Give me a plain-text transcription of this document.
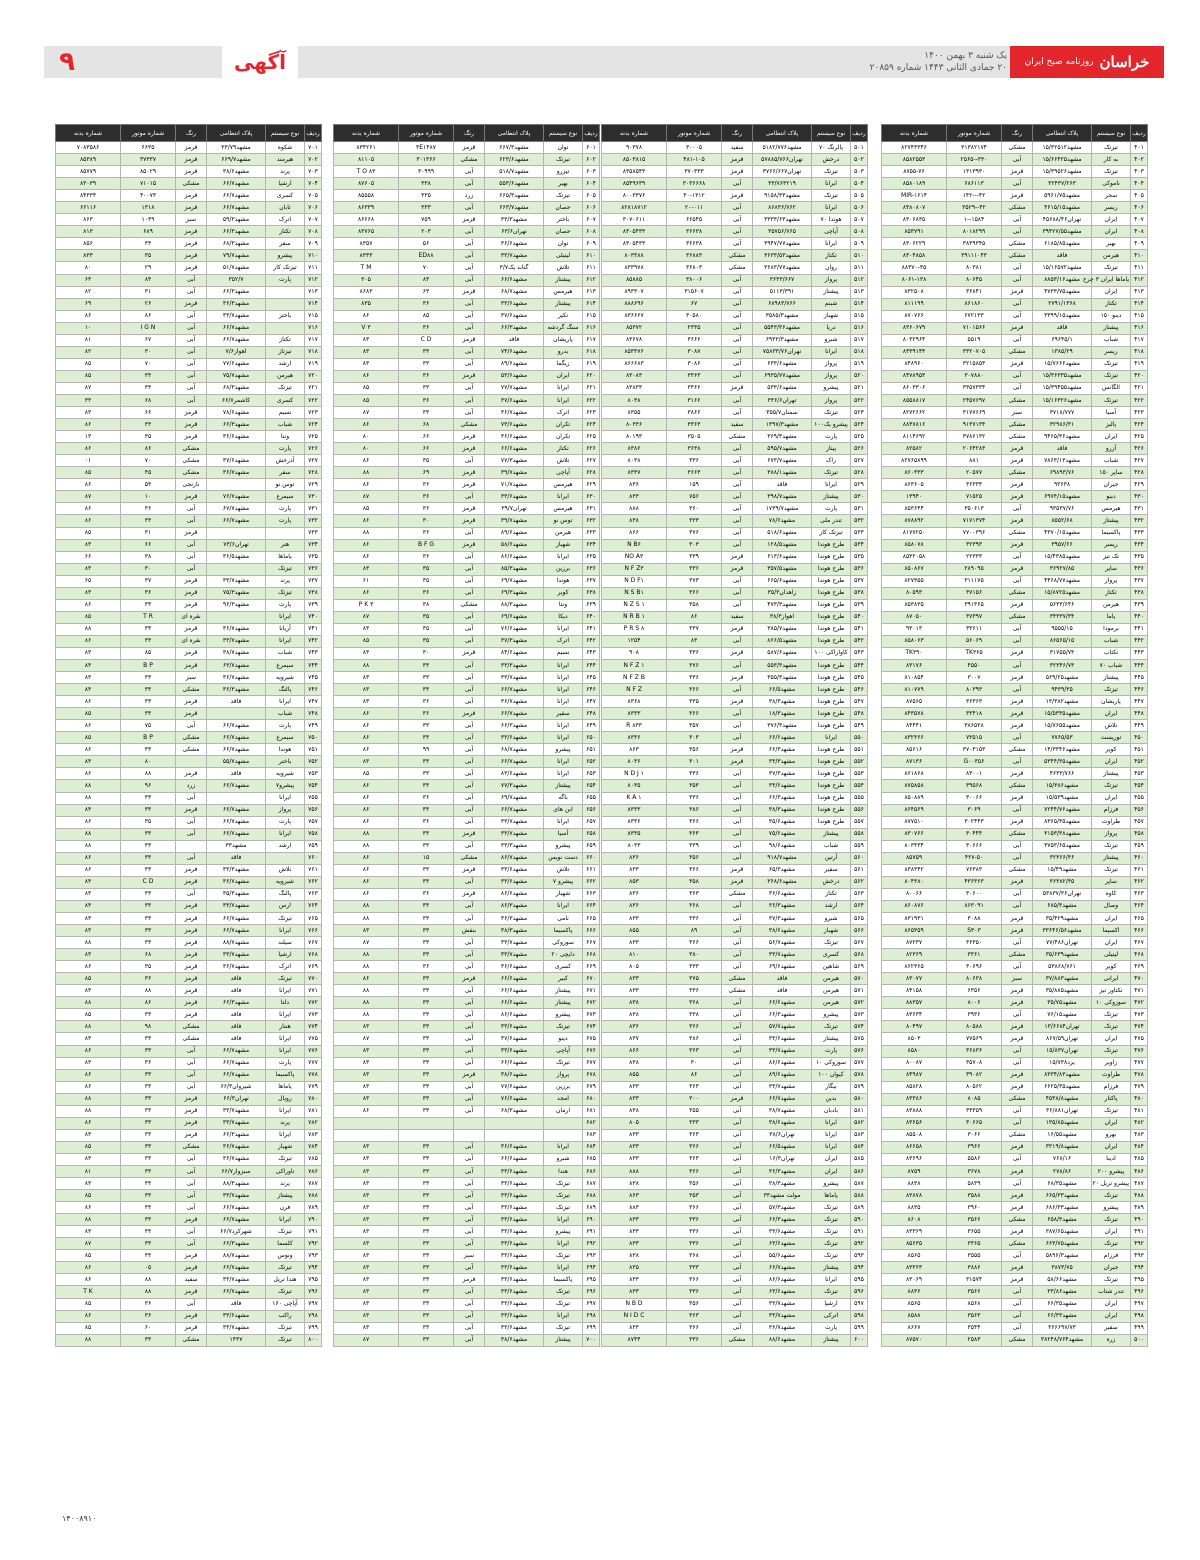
۹	آگهی	یک شنبه ۳ بهمن ۱۴۰۰
۲۰ جمادی الثانی ۱۴۴۳ شماره ۲۰۸۵۹	خراسان
روزنامه صبح ایران
ردیف	نوع سیستم	پلاک انتظامی	رنگ	شماره موتور	شماره بدنه
۴۰۱	تیزتک	مشهد۱۵/۳۲۵۱۲	مشکی	۳۱۳۸۲۱۷۴	۸۲۷۴۳۳۴۶
۴۰۲	به کار	مشهد۱۵/۶۶۴۲۵	آبی	۳۳۰--۲۵۶۵	۸۵۸۲۵۵۳
۴۰۳	تیزتک	مشهد۱۵/۳۹۵۲۶	قرمز	۱۳۱۳۹۳۰	۸۷۵۵-۷۶
۴۰۴	ناموکی	۳۲۴۳۷/۲۶۳	آبی	۶۸۶۱۱۳	۸۵۸۰۱۸۹
۴۰۵	سحر	مشهد۵۹۶۱/۷۵	قرمز	۴۲---۱۴۲	MIR-۱۶۱۴
۴۰۶	ریسر	مشهد۴۶۱۵/۱۵	مشکی	۴۲--۳۵۲۹	۸۴۸۰۸۰۷
۴۰۷	ایران	تهران۴۵۶۸۸/۴۶	آبی	۱۵۸۴--۱	۸۳۰۶۸۳۵
۴۰۸	ایران	مشهد۳۹۴۲۷/۵۵	آبی	۸۰۱۸۲۹۹	۸۵۳۷۹۱
۴۰۹	بهبر	مشهد۶۱۸۵/۸۵	مشکی	۳۸۳۹۳۴۵	۸۳۰۶۲۲۹
۴۱۰	هیرمن	فاقد	مشکی	۳۹۱۱۱۰۴۳	۸۳۰۴۸۵۸
۴۱۱	تیزتک	مشهد۱۵/۱۶۵۷۲	آبی	۸۰۳۸۱	۸۸۳۷۰-۳۵
۴۱۲	یاماها ایران ۳ چرخ	مشهد۸۸۵۳/۱۶	آبی	۸۰۶۴۵	۸۰۶۱-۱۳۸
۴۱۳	ایران	مشهد۴۷۳۳/۷۵	قرمز	۳۶۸۴۱	۸۳۲۵۰۸
۴۱۴	تکتاز	۲۷۹۱/۱۳۶۸	آبی	۸۶۱۸۶۰	۸۱۱۱۹۹
۴۱۵	دینو ۱۵۰	مشهد۳۳۹۹/۱۵	آبی	۶۷۲۱۳۳	۸۷۰۷۶۶
۴۱۶	پیشتاز	قاقد	قرمز	۷۱۰۱۵۶۶	۸۳۶۰۶۷۹
۴۱۷	شباب	۶۹۶۴۵/۱	آبی	۵۵۱۹	۸۰۳۲۹۶۴
۴۱۸	ریسر	۱۳۸۵/۲۹	مشکی	۳۳۲۰۷۰۵	۸۳۳۹۱۴۴
۴۱۹	تیزتک	مشهد۱۵/۷۶۶۶	قرمز	۳۲۱۵۸۵۳	۸۴۸۹۶۰
۴۲۰	تیزتک	مشهد۱۵/۳۶۳۳۵	آبی	۳۰۷۸۸۰	۸۴۷۸۹۵۳
۴۲۱	الگانس	مشهد۱۵/۳۹۴۵۵	آبی	۳۳۵۷۳۳۴	۸۶۰۳۳۰۶
۴۲۲	تیزتک	مشهد۱۵/۱۶۳۲۶	مشکی	۲۴۵۷۶۹۷	۸۵۵۸۸۱۷
۴۲۳	آسیا	۳۷۱۸/۷۷۷	سبز	۳۱۷۷۶۶۹	۸۲۷۲۶۶۲
۴۲۴	پالیز	۳۲۹۸۶/۳۱	مشکی	۹۱۳۷۱۳۴	۸۸۴۷۸۱۶
۴۲۵	ایران	مشهد۹۴۶۵/۳۶	مشکی	۳۷۸۶۱۳۲	۸۱۱۴۶۹۲
۴۲۶	آزرو	فاقد	قرمز	۲۰۶۴۲۸۳	۸۲۵۸۲
۴۲۷	شباب	مشهد۷۸۶۳/۱۳	قرمز	۸۸۱	۸۲۷۶۵۸۹۹
۴۲۸	ساپر ۱۵۰	۶۹۸۹۳/۷۶	مشکی	۲۰۵۷۷	۸۶۰۳۳۳
۴۲۹	جیران	۹۳۶۳۸	قرمز	۳۶۳۳۴	۸۶۳۶۰۵
۴۳۰	دینو	مشهد۶۹۷۴/۱۵	قرمز	۷۱۵۲۵	۱۳۹۴۰
۴۳۱	هیرمس	۹۳۵۳۷/۷۶	آبی	۳۵۰۶۱۳	۸۵۳۶۴۴
۴۳۲	پیشتاز	۸۵۵۲/۶۸	قرمز	۷۱۷۱۳۷۴	۸۷۸۸۹۲
۴۳۳	پاکسیما	مشهد۴۳۷۰/۱۵	مشکی	۷۷۰۰۳۹۶	۸۱۷۷۲۵۰
۴۳۴	ریسر	۳۹۵۷/۶۶	قرمز	۳۲۳۹۳	۸۵۸۰۷۸
۴۳۵	تک تیز	مشهد۱۵/۴۳۸۵	آبی	۲۲۳۳۳	۸۵۳۲۰۵۸
۴۳۶	ساپر	۳۶۹۲۷/۸۵	قرمز	۲۸۹۰۹۵	۸۵۰۸۶۷
۴۳۷	پرواز	مشهد۴۴۶۸/۷۷	آبی	۳۱۱۱۷۵	۸۲۷۳۵۵
۴۳۸	تکتاز	مشهد۱۵/۸۷۲۵	مشکی	۳۷۱۵۶	۸۰۵۹۳
۴۳۹	هیرمن	۵۶۳۳/۶۴۶	قرمز	۳۹۱۳۶۵	۸۵۳۸۳۵
۴۴۰	یاما	۳۴۳۳۷/۳۴	مشکی	۳۷۳۹۷	۸۷۰۵۰
۴۴۱	برمودا	۹۵۵۵/۱۵	آبی	۳۳۶۱۱	۹۳۰۱۳
۴۴۲	شباب	۸۶۵۶۵/۱۵	آبی	۵۶۰۶۹	۸۵۸۰۶۳
۴۴۳	تکتاب	۳۱۷۵۵/۷۳	قرمز	TK۳۶۵	TK۳۹۰
۴۴۴	شباب ۷۰	۳۲۳۴۶/۷۳	آبی	۴۵۵۰	۸۳۱۷۶
۴۴۵	پیشتاز	مشهد۵۶۹/۲۵	قرمز	۳۰۰۷	۸۱۰۸۵۴
۴۴۶	تیزتک	۹۴۳۹/۳۵	آبی	۸۰۳۹۳	۸۱۰۷۷۹
۴۴۷	پاریشان	مشهد۱۳/۳۸۲	قرمز	۳۶۳۶۳	۸۷۵۶۵
۴۴۸	ایران	مشهد۱۵/۵۳۳۵	قرمز	۳۳۴۱۸	۸۴۳۵۷۸
۴۴۹	تلاش	مشهد۱۵/۷۶۵۵	قرمز	۳۸۶۵۲۸	۸۴۴۴۱
۴۵۰	توریست	۷۷۶۵/۵۳	آبی	۷۳۵۱۵	۸۳۲۳۶۶
۴۵۱	کویر	مشهد۱۴/۳۳۴۶	مشکی	۳۷۰۳۱۵۳	۸۵۶۱۶
۴۵۲	ایران	مشهد۵۳۴۴/۳۵	آبی	G۰۰۳۵۶	۸۷۱۳۶
۴۵۳	پیشتاز	۴۶۳۳/۷۶۶	قرمز	۸۳۰۰۱	۸۶۱۸۶۸
۴۵۴	تیزتک	مشهد۱۵/۳۸۶	مشکی	۳۹۵۶۸	۸۷۵۸۵۸
۴۵۵	ایران	مشهد۱۵/۵۳۹	قرمز	۳۰۰۶۶	۸۵۰۸۸۹
۴۵۶	فرزام	مشهد۷۲۴۴/۷۶	آبی	۳۰۶۹	۸۶۴۵۶۹
۴۵۷	طراوت	مشهد۸۳۶۵/۳۵	قرمز	۳۰۲۴۴۳	۸۷۷۵۱۰
۴۵۸	پرواز	مشهد۳۱۵۳/۳۸	مشکی	۳۰۴۴۴	۸۳۰۷۶۶
۴۵۹	تیزتک	مشهد۳۷۵۳/۶۵	آبی	۳۰۶۶۶	۸۰۳۴۳۴
۴۶۰	پیشتاز	۳۲۳۶۶/۳۶	آبی	۴۲۷-۵۰	۸۵۷۵۹
۴۶۱	تیزتک	مشهد۱۵/۴۹	مشکی	۷۶۳۸۳	۸۳۸۳۴۲
۴۶۲	ساپر	۳۶۳۸۲/۳۵	قرمز	۴۳۶۳۶۳	۸۰۴۳۸۰
۴۶۳	کاوه	تهران۵۳۸۳۷/۳۶	آبی	۳۰۶۰۰	۸۰۰۶۶
۴۶۴	وصال	مشهد۶۸۵/۳	آبی	۸۶۳۰۹۱	۸۶۰۸۷۶
۴۶۵	ایران	مشهد۳۵/۴۲۹	قرمز	۳۰۸۸	۸۳۱۹۳۱
۴۶۶	اکسیما	مشهد۳۳۶۴۶/۵۶	قرمز	S۳۰۳	۸۶۵۳۵۹
۴۶۷	ایران	تهران۷۷/۴۸۶	آبی	۳۶۳۵۰	۸۷۲۳۷
۴۶۸	لیتیلی	مشهد۳۵/۶۳۹	مشکی	۳۳۶۱	۸۲۳۶۹
۴۶۹	کویر	۵۳۸۶۸/۷۶۱	آبی	۳۰۶۹۶	۸۶۲۳۶۵
۴۷۰	ایرانی	مشهد۳۷/۸۸۳	سبز	۸۰۶۳۸	۸۳۰۷۷
۴۷۱	تکتاور تیز	مشهد۳۵/۸۸۵	قرمز	۶۳۵۶	۸۴۱۵۸
۴۷۲	سوزوکی ۱۰	مشهد۳۵/۷۵	قرمز	۸۰۰۶	۸۸۳۵۷
۴۷۳	تیزتک	مشهد۷۶/۱۵	آبی	۳۹۳۶	۸۳۶۳۴
۴۷۴	تیزتک	تهران۱۳/۶۶۸۴	قرمز	۸۰۵۸۸	۸۰۴۹۷
۴۷۵	ایران	تهران۸۶۷/۵۹	قرمز	۷۷۵۶۹	۸۵۰۳
۴۷۶	تیزتک	تهران۱۵/۸۳۷	آبی	۳۶۸۳۶	۸۵۸۰
۴۷۷	زاویر	یزد۱۵/۷۳۸	آبی	۳۵۷۰۸	۸۰۰۸۷
۴۷۸	طراوت	مشهد۸۳۳۴/۸۳	قرمز	۳۹۰۸۲	۸۴۹۸۷
۴۷۹	فرزام	مشهد۶۶۲۵/۳۵	قرمز	۸۰۵۶۲	۸۵۸۲۸
۴۸۰	پاکتار	مشهد۴۵۳۸/۸	مشکی	۸۰۸۵	۸۳۳۸۶
۴۸۱	تیزتک	تهران۳۶/۸۸۱	آبی	۳۳۳۵۹	۸۳۸۸۸
۴۸۲	ایران	مشهد۱۳۵/۸۵	آبی	۳۰۶۶۵	۸۳۶۵۶
۴۸۳	بهرو	مشهد۱۶/۵۵	مشکی	۳۰۶۶	۸۵۵۰۸
۴۸۴	ایران	مشهد۳۳۱۹/۸	قرمز	۳۹۶۶	۸۶۶۵۸
۴۸۵	ادینا	۷۶۸/۱۶	آبی	۵۵۸۶	۸۳۶۹۶
۴۸۶	پیشرو ۲۰۰	۲۷۸/۸۶	قرمز	۳۶۷۸	۸۷۵۹
۴۸۷	پیشرو تریل ۲۰	مشهد۶۸/۳۵	آبی	۵۸۳۹	۸۸۳۸
۴۸۸	تیزتک	مشهد۶۶۵/۳۳	قرمز	۳۵۸۸	۸۳۸۷۸
۴۸۹	پیشرو	مشهد۶۸۶/۳۳	قرمز	۳۹۶۰	۸۸۳۵
۴۹۰	تیزتک	مشهد۶۵۸/۳	مشکی	۳۵۶۶	۸۶۰۸
۴۹۱	ایران	مشهد۳۸۷/۶۵	قرمز	۳۶۵۵	۸۳۳۶۹
۴۹۲	تیزتک	مشهد۶۶۳/۷۵	مشکی	۳۳۶۵	۸۵۶۳۵
۴۹۳	فرزام	مشهد۵۸۹۶/۳	آبی	۳۵۵۵	۸۵۶۵
۴۹۴	جیران	۳۸۷۳/۷۵	قرمز	۳۸۸۶	۸۳۳۶۳
۴۹۵	تیزتک	مشهد۵۸/۶۶	قرمز	۳۱۵۷۴	۸۳۰۶۹
۴۹۶	تندر شتاب	مشهد۳۳/۸۶	آبی	۳۵۶۶	۸۸۳۶
۴۹۷	ایران	مشهد۶۶/۳۵	آبی	۸۵۶۸	۸۵۶۵
۴۹۸	ایران	مشهد۶۶/۳۳	آبی	۳۵۶۳	۸۵۸۸
۴۹۹	سفیر	۳۶۶۶۹۷/۷۳	آبی	۳۵۴۴	۸۶۶۷
۵۰۰	زره	مشهد۳۸۲۴۸/۷۶۴	مشکی	۲۵۸۳	۸۷۵۷۰
ردیف	نوع سیستم	پلاک انتظامی	رنگ	شماره موتور	شماره بدنه
۵۰۱	پالرنگ ۷۰	مشهد۵۱۸۲/۷۷۶	سفید	۳۰۰۰۵	۹۰۳۷۸
۵۰۲	درخش	تهران۵۷۸۸۵/۷۶۶	قرمز	۴۸۱-۱۰۵	۸۵۰۳۸۱۵
۵۰۳	تیزتک	تهران۳۷۶۶/۶۶۷	قرمز	۳۷۰۳۳۳	۸۳۵۸۵۴۳
۵۰۴	ایرانا	۳۳/۷۶۳۲۱۹	آبی	۳۰۳۶۶۶۸	۸۵۴۹۶۳۹
۵۰۵	تیزتک	مشهد۹۱۵۸/۳۳	قرمز	۳۰-۱۳۱۲	۸۰۰۳۳۷۶
۵۰۶	ایرانا	۸۶۸۳۶/۷۶۲	آبی	۲۰-۰۱۱	۸۲۸۱۸۷۱۲
۵۰۷	هوندا ۷۰	مشهد۳۳۳۳/۶۳	آبی	۶۶۵۴۵	۳۰۷۰۶۱۱
۵۰۸	آپاچی	۳۵۷۵۶/۷۶۵	آبی	۳۶۶۳۸	۸۳۰۵۴۳۳
۵۰۹	ایرانا	مشهد۳۹۴۷/۷۷	آبی	۳۶۶۳۸	۸۳۰۵۴۳۳
۵۱۰	تکتاز	مشهد۳۶۳۳/۵۳	مشکی	۳۶۸۸۳	۸۰۳۳۸۸
۵۱۱	روان	مشهد۳۶۸۳/۷۷	مشکی	۳۶۸۰۳	۸۳۳۹۷۸
۵۱۲	پرواز	۳۶۳۳/۶۶۷	آبی	۳۸۰۰۶	۸۵۸۸۵
۵۱۳	پیشتاز	۵۱۱۳/۳۹۱	آبی	۳۱۵۶۰۷	۸۹۳۳۰۷
۵۱۴	شبنم	۶۸۹۸۳/۷۶۶	آبی	۶۷	۸۸۸۶۹۶
۵۱۵	شهباز	مشهد۳۵۸۵/۳	آبی	۳۰۵۸۰	۸۳۶۶۶۷
۵۱۶	دریا	مشهد۵۵۴۳/۳۶	آبی	۲۳۳۵	۸۵۳۷۲
۵۱۷	شبرو	مشهد۶۹۳۳/۳	آبی	۳۶۶۶	۸۳۶۷۸
۵۱۸	ایرانا	تهران۷۵۸۳۳/۷۶	آبی	۳۰۸۷	۸۵۳۳۷۶
۵۱۹	پرواز	مشهد۶۳۳/۶	آبی	۳۰۸۶	۸۶۶۶۸۳
۵۲۰	پرواز	مشهد۶۹۳۵/۷۷	آبی	۳۳۶۳	۸۳۰۸۳
۵۲۱	پیشرو	مشهد۵۳۳/۶	قرمز	۳۳۶۶	۸۳۸۳۳
۵۲۲	پرواز	تهران۳۳۶/۶	آبی	۳۱۶۶	۸۰۳۸
۵۲۳	تیزتک	سمنان۳۵۵/۷	آبی	۳۸۶۶	۸۳۵۵
۵۲۴	پیشرو یک۱۰۰	مشهد۱۳۹۷/۳	سفید	۳۳۶۳	۸۰۳۳۶
۵۲۵	پارت	مشهد۳۶۹/۳	مشکی	۳۵۰۵	۸۰۱۹۳
۵۲۶	پیتار	مشهد۵۹۵/۷	آبی	۳۶۳۸	۸۳۸۶
۵۲۷	راک	مشهد۶۷۳/۷	آبی	۳۳۶	۸۰۳۸
۵۲۸	تیزتک	مشهد۳۸۸/۱	آبی	۳۶۶۳	۸۳۳۷
۵۲۹	ایرانا	فاقد	آبی	۱۵۹	۸۳۶
۵۳۰	پیشتاز	مشهد۳۹۸/۷	آبی	۷۵۶	۸۳۳
۵۳۱	پارت	مشهد۱۷۳۹/۷	آبی	۳۶۰	۸۸۸
۵۳۲	تندر ملی	مشهد۷۸/۶	آبی	۳۳۳	۸۳۸
۵۳۳	تیزتک کار	مشهد۵۱۸/۶	آبی	۳۷۶	۸۶۶
۵۳۴	طرح هوندا	مشهد۱۲۸/۵	آبی	۳۰۳	N B۶
۵۳۵	طرح هوندا	مشهد۶۱۳/۶	قرمز	۳۳۹	NO A۳
۵۳۶	طرح هوندا	مشهد۳۵۷/۵	قرمز	۳۳۶	N F Z۳
۵۳۷	طرح هوندا	مشهد۶۶۵/۶	آبی	۳۷۳	N D F۱
۵۳۸	طرح هوندا	زاهدان۳۵/۳	آبی	۳۶۶	N S B۱
۵۳۹	طرح هوندا	مشهد۴۷۳/۳	آبی	۳۵۸	N Z S ۱
۵۴۰	طرح هوندا	اهواز۳۸/۳	سفید	۸۶	N R B ۱
۵۴۱	طرح هوندا	مشهد۳۸۵/۷	قرمز	۳۳۷	P R S ۸
۵۴۲	طرح هوندا	مشهد۸۶۶/۵	آبی	۸۳	۱۲۵۴
۵۴۳	کاوازاکی ۱۰۰	مشهد۵۸۷/۶	قرمز	۳۳۶	۹۰۸
۵۴۴	طرح هوندا	مشهد۵۵۳/۳	آبی	۳۷۶	N F Z ۱
۵۴۵	طرح هوندا	مشهد۳۵۵/۳	قرمز	۳۳۶	N F Z B
۵۴۶	طرح هوندا	مشهد۶۶/۵	آبی	۳۶۶	N F Z
۵۴۷	طرح هوندا	مشهد۳۸/۳	قرمز	۳۳۵	۸۳۶۸
۵۴۸	طرح هوندا	مشهد۱۸/۳	آبی	۳۶۶	۸۳۳۳
۵۴۹	طرح هوندا	مشهد۳۷۶/۳	آبی	۳۵۷	R ۸۳۳
۵۵۰	ایرانا	مشهد۶۶/۶	آبی	۳۰۳	۸۳۳۶
۵۵۱	طرح هوندا	مشهد۶۶/۳	قرمز	۳۵۶	۸۶۳
۵۵۲	طرح هوندا	مشهد۳۳/۳	قرمز	۳۰۱	۸۰۳۶
۵۵۳	طرح هوندا	مشهد۳۷/۳	آبی	۳۳۶	N D J ۱
۵۵۴	طرح هوندا	مشهد۳۳/۶	آبی	۳۵۳	۸۰۳۵
۵۵۵	طرح هوندا	مشهد۶۶/۳	آبی	۳۳۶	K A ۱
۵۵۶	طرح هوندا	مشهد۳۸/۳	آبی	۳۸۶	۸۳۳۳
۵۵۷	طرح هوندا	مشهد۳۵/۶	آبی	۳۶۶	۸۳۳۶
۵۵۸	پیشتاز	مشهد۷۵/۶	آبی	۳۶۳	۸۳۳۵
۵۵۹	شباب	مشهد۹۸/۶	آبی	۳۳۹	۸۰۳۳
۵۶۰	آرتین	مشهد۹۱۸/۷	آبی	۳۵۶	۸۳۶
۵۶۱	سفیر	مشهد۶۵/۳	قرمز	۳۶۶	۸۳۳
۵۶۲	درخش	مشهد۳۶۸/۶	قرمز	۳۵۸	۸۵۳
۵۶۳	تکتاز	مشهد۳۶/۶	مشکی	۳۶۳	۸۳۶
۵۶۴	ارشد	مشهد۳۶/۳	آبی	۳۶۸	۸۳۶
۵۶۵	شبرو	مشهد۳۷/۳	آبی	۳۳۶	۸۳۳
۵۶۶	شهباز	مشهد۳۸/۶	آبی	۸۹	۸۵۵
۵۶۷	تیزتک	مشهد۵۶/۷	آبی	۳۶۶	۸۳۳
۵۶۸	کسری	مشهد۳۳/۷	آبی	۳۸۰	۸۱۰
۵۶۹	شاهین	مشهد۶۹/۶	آبی	۳۳۳	۸۰۵
۵۷۰	هیرمن	فاقد	مشکی	۳۷۵	۸۳۳
۵۷۱	هیرمن	فاقد	مشکی	۳۳۶	۸۳۳
۵۷۲	هیرمن	مشهد۶۶/۶	آبی	۳۶۸	۸۳۸
۵۷۳	پیشرو	مشهد۶۶/۳	آبی	۳۳۸	۸۳۸
۵۷۴	تیزتک	مشهد۵۷/۷	آبی	۳۶۶	۸۳۶
۵۷۵	پیشتاز	مشهد۳۳/۶	آبی	۳۸۶	۸۳۷
۵۷۶	پارت	مشهد۳۳/۷	آبی	۳۶۳	۸۶۶
۵۷۷	سوزوکی ۱۰	مشهد۸۶/۶	آبی	۳۰	۸۳۸
۵۷۸	کیوان ۱۰۰	مشهد۸۹/۶	آبی	۸۶	۸۵۵
۵۷۹	بیگار	مشهد۳۳/۷	آبی	۳۶۳	۸۳۳
۵۸۰	بدین	مشهد۶۶/۷	قرمز	۳۰۰	۸۳۳
۵۸۱	بادبان	مشهد۳۸/۷	آبی	۳۵۵	۸۳۸
۵۸۲	ایرانا	مشهد۳۸/۶	آبی	۳۳۳	۸۰۵
۵۸۳	ایرانا	تهران۳۸/۶	آبی	۳۶۳	۸۳۳
۵۸۴	ایرانا	مشهد۶۶/۵	آبی	۳۶۶	۸۳۳
۵۸۵	ایران	تهران۱۶/۳	آبی	۳۶۳	۸۳۳
۵۸۶	ایران	مشهد۳۶/۳	آبی	۳۶۶	۸۸۸
۵۸۷	پیشرو	مشهد۳۸/۳	آبی	۳۵۶	۸۳۸
۵۸۸	پاماها	مولت مشهد۳۳	آبی	۳۵۳	۸۶۳
۵۸۹	تیزتک	مشهد۵۷/۳	آبی	۳۶۶	۸۸۳
۵۹۰	تیزتک	مشهد۶۶/۳	آبی	۳۳۶	۸۳۳
۵۹۱	تیزتک	مشهد۳۳/۶	آبی	۳۳۶	۸۳۳
۵۹۲	تیزتک	مشهد۶۳/۶	آبی	۳۳۶	۸۳۳
۵۹۳	تیزتک	مشهد۵۵/۶	آبی	۳۶۸	۸۳۸
۵۹۴	پیشتاز	مشهد۶۶/۷	آبی	۳۳۳	۸۳۵
۵۹۵	ایرانا	مشهد۸۶/۶	آبی	۳۶۶	۸۳۳
۵۹۶	تیزتک	مشهد۶۳/۶	آبی	۳۳۶	۸۳۳
۵۹۷	ارشیا	مشهد۳۳/۷	آبی	۳۵۶	N B D
۵۹۸	اترکی	مشهد۳۳/۷	آبی	۳۶۳	N I D C
۵۹۹	پارت	مشهد۳۶/۷	آبی	۳۶۶	۸۳۳
۶۰۰	پیشتاز	مشهد۸۸/۶	مشکی	۳۳۶	۸۷۴۴
ردیف	نوع سیستم	پلاک انتظامی	رنگ	شماره موتور	شماره بدنه
۶۰۱	توان	مشهد۶۶۷/۳	قرمز	۴E۱۴۸۷	۸۳۴۲۶۱
۶۰۲	تیزتک	مشهد۶۲۳/۶	مشکی	۳۰۱۳۶۶	۸۱۱۰۵
۶۰۳	تیزرو	مشهد۵۱۸/۷	آبی	۳۰۹۹۹	T O ۸۳
۶۰۴	بهبر	مشهد۵۵۳/۶	آبی	۳۳۸	۸۷۶۰۵
۶۰۵	تیزتک	مشهد۶۶۵/۳	زرد	۳۳۵	۸۵۵۵۸
۶۰۶	حصان	مشهد۶۶۳/۷	آبی	۳۳۳	۸۶۳۳۹
۶۰۷	باختر	مشهد۳۳/۳	قرمز	۷۵۹	۸۶۶۶۸
۶۰۸	حصان	تهران۶۳/۶	آبی	۲۰۳	۸۳۷۶۵
۶۰۹	توان	مشهد۳۶/۶	آبی	۵۶	۸۳۵۷
۶۱۰	لیتیلی	مشهد۳۳/۷	آبی	ED۸۸	۸۳۳۳
۶۱۱	تلاش	گنابد یک۳/۷	آبی	۷۰	T M
۶۱۲	پیشتاز	مشهد۶۶/۶	آبی	۸۳	۳۰۵
۶۱۳	هیرمس	مشهد۶۸/۷	قرمز	۶۳	۸۶۸۳
۶۱۴	پیشتاز	مشهد۳۳/۶	آبی	۳۶	۸۳۵
۶۱۵	تکیر	مشهد۳۷/۶	آبی	۸۵	۸۶
۶۱۶	سنگ گردشه	مشهد۶۶/۳	آبی	۳۶	V ۳
۶۱۷	پاریشان	فاقد	قرمز	C D	۸۳
۶۱۸	بدرو	مشهد۷۴/۶	آبی	۳۳	۸۳
۶۱۹	زیگما	مشهد۸۹/۶	آبی	۳۳	۸۳
۶۲۰	ایران	مشهد۵۳/۶	قرمز	۳۶	۸۶
۶۲۱	ایرانا	مشهد۷۷/۷	آبی	۳۳	۸۵
۶۲۲	ایرانا	مشهد۳۷/۶	آبی	۳۶	۸۵
۶۲۳	اترک	مشهد۳۶/۷	آبی	۳۳	۸۷
۶۲۴	تکران	مشهد۷۳/۶	مشکی	۶۸	۸۶
۶۲۵	تکران	مشهد۳۶/۶	قرمز	۶۶	۸۰
۶۲۶	تکتاز	مشهد۶۶/۶	قرمز	۶۶	۸۰
۶۲۷	تلاش	مشهد۷۷/۳	آبی	۳۵	۸۶
۶۲۸	آپاچی	مشهد۳۹/۷	قرمز	۶۹	۸۸
۶۲۹	هیرمس	مشهد۷۱/۷	قرمز	۳۶	۸۶
۶۳۰	ایرانا	مشهد۳۳/۶	آبی	۳۶	۸۷
۶۳۱	هیرمس	تهران۳۹/۷	قرمز	۳۶	۸۵
۶۳۲	توس نو	مشهد۳۹/۷	قرمز	۳۰	۸۶
۶۳۳	هیرمن	مشهد۸۹/۶	آبی	۳۶	۸۸
۶۳۴	شهباز	مشهد۵۸/۶	قرمز	B F G	۸۶
۶۳۵	ایرانا	مشهد۸۶/۶	آبی	۳۶	۸۶
۶۳۶	برزین	مشهد۸۵/۳	آبی	۳۵	۸۳
۶۳۷	هوندا	مشهد۶۹/۷	آبی	۳۵	۶۱
۶۳۸	کویر	مشهد۶۹/۳	آبی	۳۶	۸۶
۶۳۹	ونتا	مشهد۸۸/۳	مشکی	۳۸	P K ۳
۶۴۰	دیکا	مشهد۶۹/۶	آبی	۳۵	۸۷
۶۴۱	ایرانا	مشهد۷۶/۶	آبی	۳۵	۸۳
۶۴۲	اترک	مشهد۳۷/۳	آبی	۳۵	۸۵
۶۴۳	نسیم	مشهد۸۴/۶	قرمز	۳۰	۸۳
۶۴۴	ایرانا	مشهد۳۳/۳	آبی	۳۳	۸۸
۶۴۵	ایرانا	مشهد۳۳/۷	آبی	۳۳	۸۳
۶۴۶	ایرانا	مشهد۶۶/۷	آبی	۳۳	۸۳
۶۴۷	ایرانا	مشهد۳۶/۷	آبی	۳۶	۸۳
۶۴۸	سفیر	مشهد۶۶/۷	قرمز	۳۶	۸۶
۶۴۹	ایرانا	مشهد۶۶/۳	آبی	۳۳	۸۶
۶۵۰	ایرانا	مشهد۳۳/۶	آبی	۳۳	۸۶
۶۵۱	پیشرو	مشهد۶۸/۷	آبی	۹۹	۸۶
۶۵۲	ایرانا	مشهد۶۶/۷	آبی	۳۳	۸۳
۶۵۳	ایرانا	مشهد۸۳/۶	آبی	۳۳	۸۵
۶۵۴	پیشتاز	مشهد۷۷/۳	آبی	۳۳	۸۶
۶۵۵	باگه	مشهد۶۹/۷	آبی	۳۶	۸۶
۶۵۶	ابن های	مشهد۶۶/۷	آبی	۳۳	۸۶
۶۵۷	ایرانا	مشهد۳۳/۷	آبی	۳۶	۸۶
۶۵۸	آسیا	مشهد۳۳/۷	قرمز	۳۳	۸۸
۶۵۹	پیشرو	مشهد۳۳/۳	آبی	۳۳	۸۸
۶۶۰	دست نویس	مشهد۸۶/۷	مشکی	۱۵	۸۶
۶۶۱	تلاش	مشهد۳۳/۶	قرمز	۳۳	۸۶
۶۶۲	پیشرو ۷	مشهد۳۳/۶	آبی	۳۳	۸۶
۶۶۳	شهباز	مشهد۸۶/۶	قرمز	۳۶	۸۶
۶۶۴	ایرانا	مشهد۸۶/۳	آبی	۳۳	۸۸
۶۶۵	نامی	مشهد۳۶/۳	آبی	۳۳	۸۸
۶۶۶	پاکسیما	مشهد۳۸/۳	بنفش	۳۳	۸۳
۶۶۷	سوزوکی	مشهد۳۳/۷	آبی	۳۳	۸۷
۶۶۸	دایچی ۲۰	مشهد۳۳/۷	آبی	۳۳	۸۸
۶۶۹	کسری	مشهد۳۶/۶	آبی	۳۶	۸۸
۶۷۰	کبیر	مشهد۶۶/۶	قرمز	۳۳	۸۶
۶۷۱	پیشتاز	مشهد۶۶/۶	آبی	۳۳	۸۸
۶۷۲	پیشتاز	مشهد۶۶/۶	آبی	۳۳	۸۸
۶۷۳	پیشرو	مشهد۸۶/۶	آبی	۳۳	۸۸
۶۷۴	تیزتک	مشهد۳۳/۶	آبی	۳۳	۸۳
۶۷۵	دینو	مشهد۳۷/۶	آبی	۳۳	۸۷
۶۷۶	آپاچی	مشهد۳۳/۶	آبی	۳۳	۸۳
۶۷۷	تیزتک	مشهد۶۶/۶	آبی	۳۳	۸۳
۶۷۸	پرواز	مشهد۳۸/۶	قرمز	۳۳	۸۳
۶۷۹	برزین	مشهد۷۷/۶	آبی	۳۳	۸۳
۶۸۰	امجد	مشهد۷۶/۶	آبی	۳۳	۸۳
۶۸۱	ارمان	مشهد۶۸/۳	آبی	۳۳	۸۶
۶۸۲					
۶۸۳					
۶۸۴	ایرانا	مشهد۳۶/۶	آبی	۳۳	۸۳
۶۸۵	شبرو	مشهد۶۶/۶	آبی	۳۳	۸۳
۶۸۶	هندا	مشهد۳۳/۶	آبی	۳۳	۸۳
۶۸۷	تیزتک	مشهد۳۳/۶	آبی	۳۳	۸۳
۶۸۸	تیزتک	مشهد۳۳/۶	آبی	۳۳	۸۳
۶۸۹	تیزتک	مشهد۳۳/۶	آبی	۳۳	۸۳
۶۹۰	ایرانا	مشهد۳۳/۶	آبی	۳۳	۸۳
۶۹۱	پیشرو	مشهد۳۳/۶	آبی	۳۳	۸۳
۶۹۲	ایرانا	مشهد۳۳/۶	آبی	۳۳	۸۳
۶۹۳	تیزتک	مشهد۳۳/۶	سبز	۳۳	۸۳
۶۹۴	ایرانا	مشهد۳۳/۶	آبی	۳۳	۸۳
۶۹۵	پاکسیما	مشهد۳۳/۶	قرمز	۳۳	۸۳
۶۹۶	تیزتک	مشهد۳۳/۶	آبی	۳۳	۸۳
۶۹۷	تیزتک	مشهد۳۳/۶	آبی	۳۳	۸۳
۶۹۸	ایرانا	مشهد۳۳/۶	آبی	۳۳	۸۳
۶۹۹	تیزتک	مشهد۳۳/۶	آبی	۳۳	۸۳
۷۰۰	پیشتاز	مشهد۳۸/۶	آبی	۳۳	۸۷
ردیف	نوع سیستم	پلاک انتظامی	رنگ	شماره موتور	شماره بدنه
۷۰۱	شکوه	مشهد۳۳/۷۹	قرمز	۶۶۳۵	۷۰۸۳۵۸۶
۷۰۲	هیرمند	مشهد۶۶۹/۷	قرمز	۳۷۳۳۷	۸۵۳۸۹
۷۰۳	پرند	مشهد۳۸/۶	قرمز	۸۵۰۲۹	۸۵۷۷۹
۷۰۴	ارشیا	مشهد۶۶/۷	مشکی	۷۱۰۱۵	۸۳۰۳۹
۷۰۵	کسری	مشهد۶۶/۷	قرمز	۴۰۰۷۳	۸۴۳۳۴
۷۰۶	تابان	مشهد۶۶/۷	قرمز	۱۳۱۸	۶۶۱۱۶
۷۰۷	اترک	مشهد۵۹/۳	سبز	۱۰۳۹	۸۶۳
۷۰۸	تکتاز	مشهد۶۶/۳	قرمز	۶۸۹	۸۱۳
۷۰۹	سفر	مشهد۶۸/۳	قرمز	۳۳	۸۵۶
۷۱۰	پیشرو	مشهد۷۹/۷	قرمز	۳۵	۸۳۳
۷۱۱	تیزتک کار	مشهد۵۱/۷	قرمز	۲۹	۸۰
۷۱۲	پارت	۳۵۲/۷	آبی	۸۴	۶۳
۷۱۳		مشهد۶۶/۳	آبی	۳۱	۸۲
۷۱۴		مشهد۳۶/۳	قرمز	۲۶	۶۹
۷۱۵	باختر	مشهد۳۳/۷	آبی	۸۶	۸۶
۷۱۶		مشهد۶۶/۷	آبی	I G N	۱۰
۷۱۷	تکتاز	مشهد۶۶/۷	آبی	۶۷	۸۱
۷۱۸	تیزتاز	اهواز۷/۶	آبی	۳۰	۸۲
۷۱۹	ارشد	مشهد۷۷/۶	آبی	۷۰	۸۵
۷۲۰	هیرمن	مشهد۷۵/۷	آبی	۳۳	۸۵
۷۲۱	تیزتک	مشهد۶۸/۳	آبی	۳۳	۸۷
۷۲۲	کسری	کاشمر۶۶/۷	آبی	۶۸	۳۳
۷۲۳	نسیم	مشهد۷۸/۶	قرمز	۶۶	۸۳
۷۲۴	شباب	مشهد۶۶/۳	قرمز	۳۳	۸۶
۷۲۵	ونتا	مشهد۳۶/۶	قرمز	۳۵	۱۳
۷۲۶	پارت		مشکی	۸۶	۸۶
۷۲۷	آذرخش	مشهد۳۷/۶	مشکی	۷۰	۰۱
۷۲۸	سفر	مشهد۳۶/۷	مشکی	۴۵	۸۵
۷۲۹	توس نو		نارنجی	۵۳	۸۶
۷۳۰	سیمرغ	مشهد۷۶/۷	قرمز	۱۰	۸۷
۷۳۱	پارت	مشهد۶۷/۷	آبی	۳۶	۸۶
۷۳۲	پارت	مشهد۶۶/۷	آبی	۳۳	۸۶
۷۳۳			قرمز	۳۱	۸۵
۷۳۴	هنر	تهران۷۳/۶	آبی	۶۶	۸۳
۷۳۵	یاماها	مشهد۳۶/۵	آبی	۳۸	۶۶
۷۳۶	تیزتک		آبی	۳۰	۸۳
۷۳۷	پرند	مشهد۳۳/۷	قرمز	۳۷	۶۵
۷۳۸	تیزتک	مشهد۷۵/۳	قرمز	۳۶	۸۳
۷۳۹	پارت	مشهد۹۶/۳	قرمز	۳۳	۸۶
۷۴۰	ایرانا		نقره ای	T R	۸۵
۷۴۱	آریانا	مشهد۳۶/۷	قرمز	۳۳	۸۸
۷۴۲	ایرانا	مشهد۳۳/۷	نقره ای	۳۳	۸۶
۷۴۳	شباب	مشهد۳۸/۷	قرمز	۸۵	۸۳
۷۴۴	سیمرغ	مشهد۶۳/۷	قرمز	B P	۸۳
۷۴۵	شیرویه	مشهد۳۶/۷	سبز	۳۳	۸۳
۷۴۶	پالنگ	مشهد۳۶/۳	مشکی	۳۳	۸۳
۷۴۷	ایرانا	فاقد	قرمز	۳۳	۸۶
۷۴۸	شباب		قرمز	۳۳	۸۵
۷۴۹	پارت	مشهد۶۶/۷	آبی	۷۵	۸۶
۷۵۰	سیمرغ	مشهد۶۶/۷	مشکی	B P	۸۵
۷۵۱	هوندا	مشهد۶۶/۷	مشکی	۳۳	۸۶
۷۵۲	باختر	مشهد۵۵/۷		۸۰	۸۳
۷۵۳	شیرویه	فاقد	قرمز	۸۸	۸۶
۷۵۴	پیشرو۷	مشهد۶۶/۷	زرد	۹۶	۸۸
۷۵۵	ایرانا		آبی	۳۳	۸۸
۷۵۶	پرواز	مشهد۶۶/۷	قرمز	۳۳	۸۳
۷۵۷	پارت	مشهد۶۶/۷	آبی	۳۵	۸۶
۷۵۸	ایرانا	مشهد۶۶/۷	آبی	۳۳	۸۸
۷۵۹	ارشد	مشهد۳۳		۳۳	۸۸
۷۶۰		فاقد	آبی	۳۳	۸۶
۷۶۱	تلاش	مشهد۳۳/۳	قرمز	۳۳	۸۶
۷۶۲	شیرویه	مشهد۳۶/۷	قرمز	C D	۸۳
۷۶۳	پالنگ	مشهد۳۵/۳	آبی	۳۳	۸۳
۷۶۴	ارس	مشهد۳۳/۷	قرمز	۳۳	۸۳
۷۶۵	تیزتک	مشهد۶۶/۷	قرمز	۳۳	۸۳
۷۶۶	ایرانا	مشهد۶۶/۷	قرمز	۳۳	۸۳
۷۶۷	سیلند	مشهد۸۸/۷	قرمز	۳۳	۸۸
۷۶۸	ارشیا	مشهد۳۳/۷	قرمز	۶۸	۸۳
۷۶۹	اترک	مشهد۳۶/۷	قرمز	۳۵	۸۶
۷۷۰	تیزتک	فاقد	قرمز	۳۶	۸۵
۷۷۱	ایرانا	فاقد	قرمز	۸۸	۸۳
۷۷۲	دلتا	مشهد۶۶/۳	قرمز	۸۶	۸۸
۷۷۳	ایرانا	فاقد	قرمز	۳۳	۸۵
۷۷۴	هنتار	فاقد	مشکی	۹۸	۸۸
۷۷۵	ایرانا	فاقد	مشکی	۳۳	۸۳
۷۷۶	ایرانا	مشهد۶۶/۷	آبی	۳۳	۸۶
۷۷۷	پارت	مشهد۶۶/۷	آبی	۳۶	۸۳
۷۷۸	پاکسیما	مشهد۶۶/۷	آبی	۳۳	۸۶
۷۷۹	یاماها	شیروان۶۶/۳	آبی	۳۳	۸۶
۷۸۰	رویال	تهران۶۶/۳	قرمز	۳۳	۸۸
۷۸۱	ایرانا	مشهد۳۳/۷	قرمز	۳۳	۸۸
۷۸۲	پرند	مشهد۳۳/۷	قرمز	۳۳	۸۶
۷۸۳	ایرانا	مشهد۶۶/۳	قرمز	۳۳	۸۳
۷۸۴	شهباز	مشهد۳۶/۷	مشکی	۳۳	۸۵
۷۸۵	تیزتک	مشهد۳۶/۷	آبی	۳۳	۸۳
۷۸۶	تاوراکی	سبزوار۶۶/۷	آبی	۳۳	۸۱
۷۸۷	پرند	مشهد۸۸/۳	آبی	۳۳	۸۳
۷۸۸	پیشتاز	مشهد۳۳/۷	آبی	۳۳	۸۵
۷۸۹	فرن	مشهد۶۶/۷	آبی	۳۳	۸۶
۷۹۰	ایرانا	مشهد۶۶/۷	قرمز	۳۳	۸۸
۷۹۱	تیزتک	شهرکرد۶۶/۷	آبی	۳۳	۸۳
۷۹۲	کلسما	مشهد۶۶/۳	آبی	۳۳	۸۷
۷۹۳	ونوس	مشهد۸۸/۷	قرمز	۳۳	۸۵
۷۹۴	تیزتک	مشهد۶۶/۷	قرمز	۰۵	۸۶
۷۹۵	هندا تریل	مشهد۳۳/۷	سفید	۸۸	۸۶
۷۹۶	تیزتک	مشهد۶۶/۷	قرمز	۸۸	T K
۷۹۷	آپاچی ۱۶۰	فاقد	آبی	۳۶	۸۵
۷۹۸	راکب	مشهد۳۳/۶	قرمز	۳۶	۸۶
۷۹۹	تیزتک	مشهد۳۳/۷	قرمز	۶۰	۸۵
۸۰۰	تیزتک	۱۴۳۷	مشکی	۳۳	۸۸
۱۴۰۰۸۹۱۰
